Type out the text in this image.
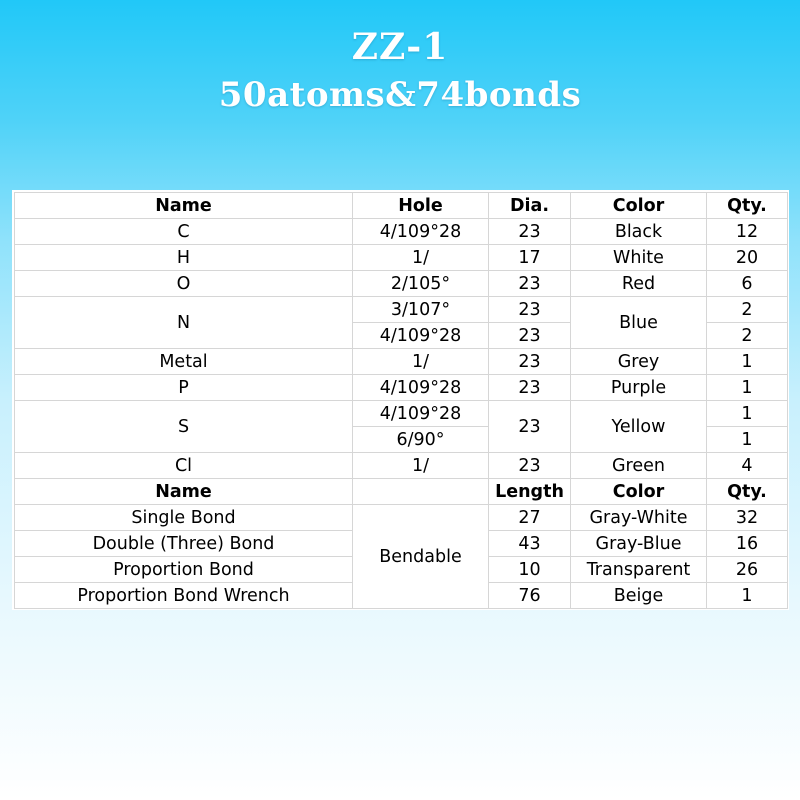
ZZ-1
50atoms&74bonds
Name	Hole	Dia.	Color	Qty.
C	4/109°28	23	Black	12
H	1/	17	White	20
O	2/105°	23	Red	6
N	3/107°	23	Blue	2
	4/109°28	23		2
Metal	1/	23	Grey	1
P	4/109°28	23	Purple	1
S	4/109°28	23	Yellow	1
	6/90°			1
Cl	1/	23	Green	4
Name		Length	Color	Qty.
Single Bond	Bendable	27	Gray-White	32
Double (Three) Bond		43	Gray-Blue	16
Proportion Bond		10	Transparent	26
Proportion Bond Wrench		76	Beige	1
